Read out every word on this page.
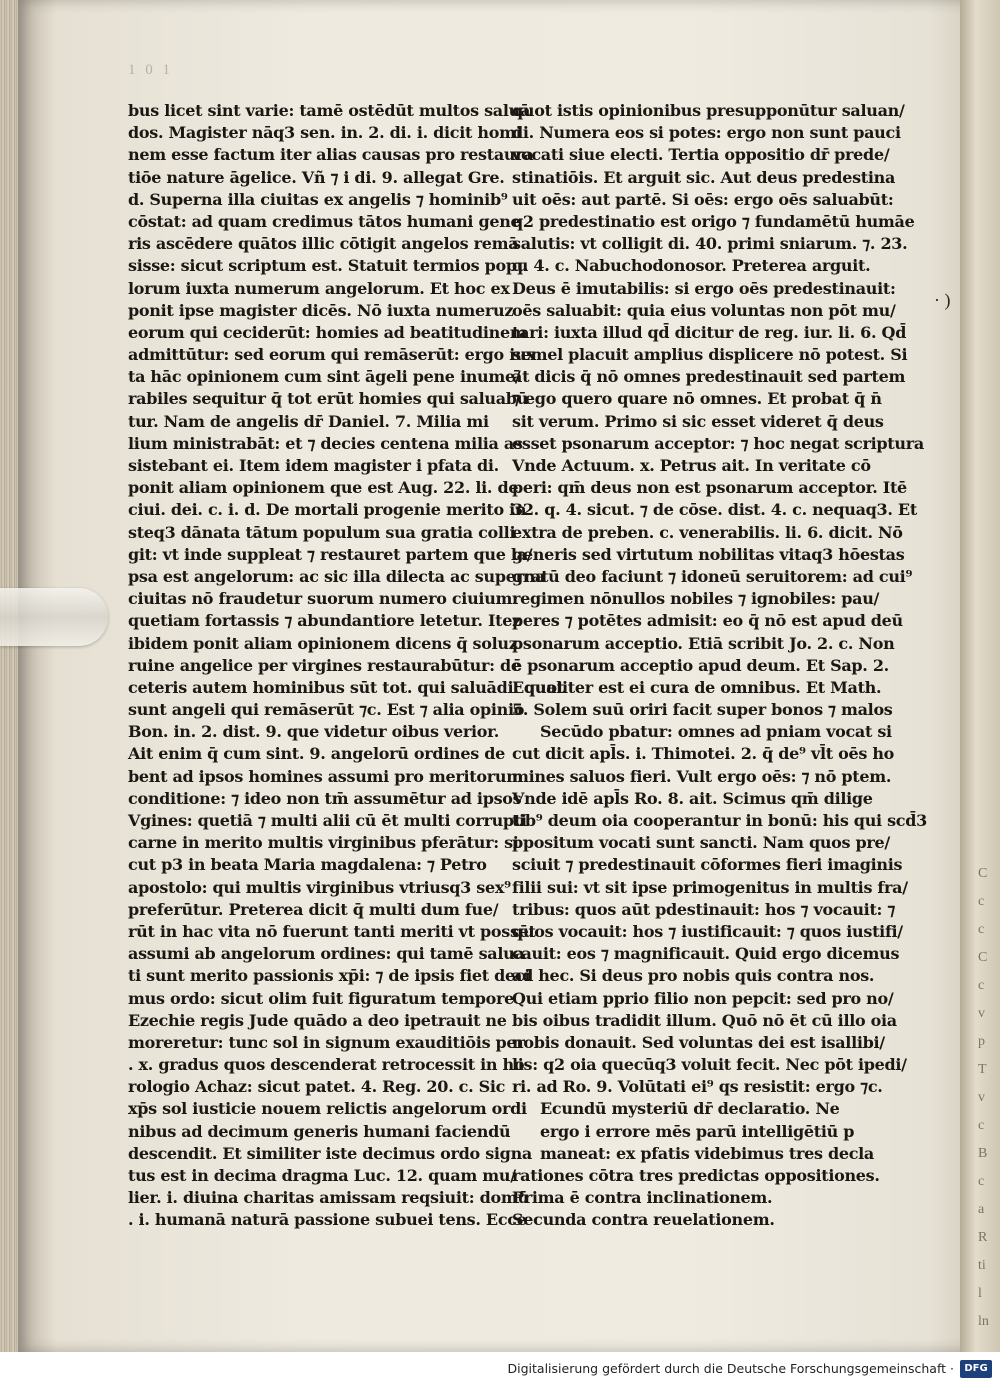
C
c
c
C
c
v
p
T
v
c
B
c
a
R
ti
l
ln
1 0 1
bus licet sint varie: tamē ostēdūt multos saluā
dos. Magister nāq3 sen. in. 2. di. i. dicit homi
nem esse factum iter alias causas pro restaura
tiōe nature āgelice. Vñ ⁊ i di. 9. allegat Gre.
d. Superna illa ciuitas ex angelis ⁊ hominib⁹
cōstat: ad quam credimus tātos humani gene
ris ascēdere quātos illic cōtigit angelos remā
sisse: sicut scriptum est. Statuit termios popu
lorum iuxta numerum angelorum. Et hoc ex
ponit ipse magister dicēs. Nō iuxta numeruz
eorum qui ceciderūt: homies ad beatitudinem
admittūtur: sed eorum qui remāserūt: ergo iux
ta hāc opinionem cum sint āgeli pene inume/
rabiles sequitur q̄ tot erūt homies qui saluabū
tur. Nam de angelis dr̄ Daniel. 7. Milia mi
lium ministrabāt: et ⁊ decies centena milia as
sistebant ei. Item idem magister i pfata di.
ponit aliam opinionem que est Aug. 22. li. de
ciui. dei. c. i. d. De mortali progenie merito in
steq3 dānata tātum populum sua gratia colli
git: vt inde suppleat ⁊ restauret partem que la/
psa est angelorum: ac sic illa dilecta ac superna
ciuitas nō fraudetur suorum numero ciuium:
quetiam fortassis ⁊ abundantiore letetur. Itez
ibidem ponit aliam opinionem dicens q̄ soluz
ruine angelice per virgines restaurabūtur: de
ceteris autem hominibus sūt tot. qui saluādi: quot
sunt angeli qui remāserūt ⁊c. Est ⁊ alia opinio
Bon. in. 2. dist. 9. que videtur oibus verior.
Ait enim q̄ cum sint. 9. angelorū ordines de
bent ad ipsos homines assumi pro meritorum
conditione: ⁊ ideo non tm̄ assumētur ad ipsos
Vgines: quetiā ⁊ multi alii cū ēt multi corrupti
carne in merito multis virginibus pferātur: si
cut p3 in beata Maria magdalena: ⁊ Petro
apostolo: qui multis virginibus vtriusq3 sex⁹
preferūtur. Preterea dicit q̄ multi dum fue/
rūt in hac vita nō fuerunt tanti meriti vt possēt
assumi ab angelorum ordines: qui tamē salua
ti sunt merito passionis xp̄i: ⁊ de ipsis fiet deci
mus ordo: sicut olim fuit figuratum tempore
Ezechie regis Jude quādo a deo ipetrauit ne
moreretur: tunc sol in signum exauditiōis per
. x. gradus quos descenderat retrocessit in ho
rologio Achaz: sicut patet. 4. Reg. 20. c. Sic
xp̄s sol iusticie nouem relictis angelorum ordi
nibus ad decimum generis humani faciendū
descendit. Et similiter iste decimus ordo signa
tus est in decima dragma Luc. 12. quam mu/
lier. i. diuina charitas amissam reqsiuit: domū
. i. humanā naturā passione subuei tens. Ecce
quot istis opinionibus presupponūtur saluan/
di. Numera eos si potes: ergo non sunt pauci
vocati siue electi. Tertia oppositio dr̄ prede/
stinatiōis. Et arguit sic. Aut deus predestina
uit oēs: aut partē. Si oēs: ergo oēs saluabūt:
q2 predestinatio est origo ⁊ fundamētū humāe
salutis: vt colligit di. 40. primi sniarum. ⁊. 23.
q. 4. c. Nabuchodonosor. Preterea arguit.
Deus ē imutabilis: si ergo oēs predestinauit:
oēs saluabit: quia eius voluntas non pōt mu/
tari: iuxta illud qd̄ dicitur de reg. iur. li. 6. Qd̄
semel placuit amplius displicere nō potest. Si
āt dicis q̄ nō omnes predestinauit sed partem
⁊ ego quero quare nō omnes. Et probat q̄ n̄
sit verum. Primo si sic esset videret q̄ deus
esset psonarum acceptor: ⁊ hoc negat scriptura
Vnde Actuum. x. Petrus ait. In veritate cō
peri: qm̄ deus non est psonarum acceptor. Itē
32. q. 4. sicut. ⁊ de cōse. dist. 4. c. nequaq3. Et
extra de preben. c. venerabilis. li. 6. dicit. Nō
generis sed virtutum nobilitas vitaq3 hōestas
gratū deo faciunt ⁊ idoneū seruitorem: ad cui⁹
regimen nōnullos nobiles ⁊ ignobiles: pau/
peres ⁊ potētes admisit: eo q̄ nō est apud deū
psonarum acceptio. Etiā scribit Jo. 2. c. Non
ē psonarum acceptio apud deum. Et Sap. 2.
Equaliter est ei cura de omnibus. Et Math.
5. Solem suū oriri facit super bonos ⁊ malos
Secūdo pbatur: omnes ad pniam vocat si
cut dicit apl̄s. i. Thimotei. 2. q̄ de⁹ vl̄t oēs ho
mines saluos fieri. Vult ergo oēs: ⁊ nō ptem.
Vnde idē apl̄s Ro. 8. ait. Scimus qm̄ dilige
tib⁹ deum oia cooperantur in bonū: his qui scd̄3
ppositum vocati sunt sancti. Nam quos pre/
sciuit ⁊ predestinauit cōformes fieri imaginis
filii sui: vt sit ipse primogenitus in multis fra/
tribus: quos aūt pdestinauit: hos ⁊ vocauit: ⁊
quos vocauit: hos ⁊ iustificauit: ⁊ quos iustifi/
cauit: eos ⁊ magnificauit. Quid ergo dicemus
ad hec. Si deus pro nobis quis contra nos.
Qui etiam pprio filio non pepcit: sed pro no/
bis oibus tradidit illum. Quō nō ēt cū illo oia
nobis donauit. Sed voluntas dei est isallibi/
lis: q2 oia quecūq3 voluit fecit. Nec pōt ipedi/
ri. ad Ro. 9. Volūtati ei⁹ qs resistit: ergo ⁊c.
Ecundū mysteriū dr̄ declaratio. Ne
ergo i errore mēs parū intelligētiū p
maneat: ex pfatis videbimus tres decla
rationes cōtra tres predictas oppositiones.
Prima ē contra inclinationem.
Secunda contra reuelationem.
· )
Digitalisierung gefördert durch die Deutsche Forschungsgemeinschaft ·	DFG
